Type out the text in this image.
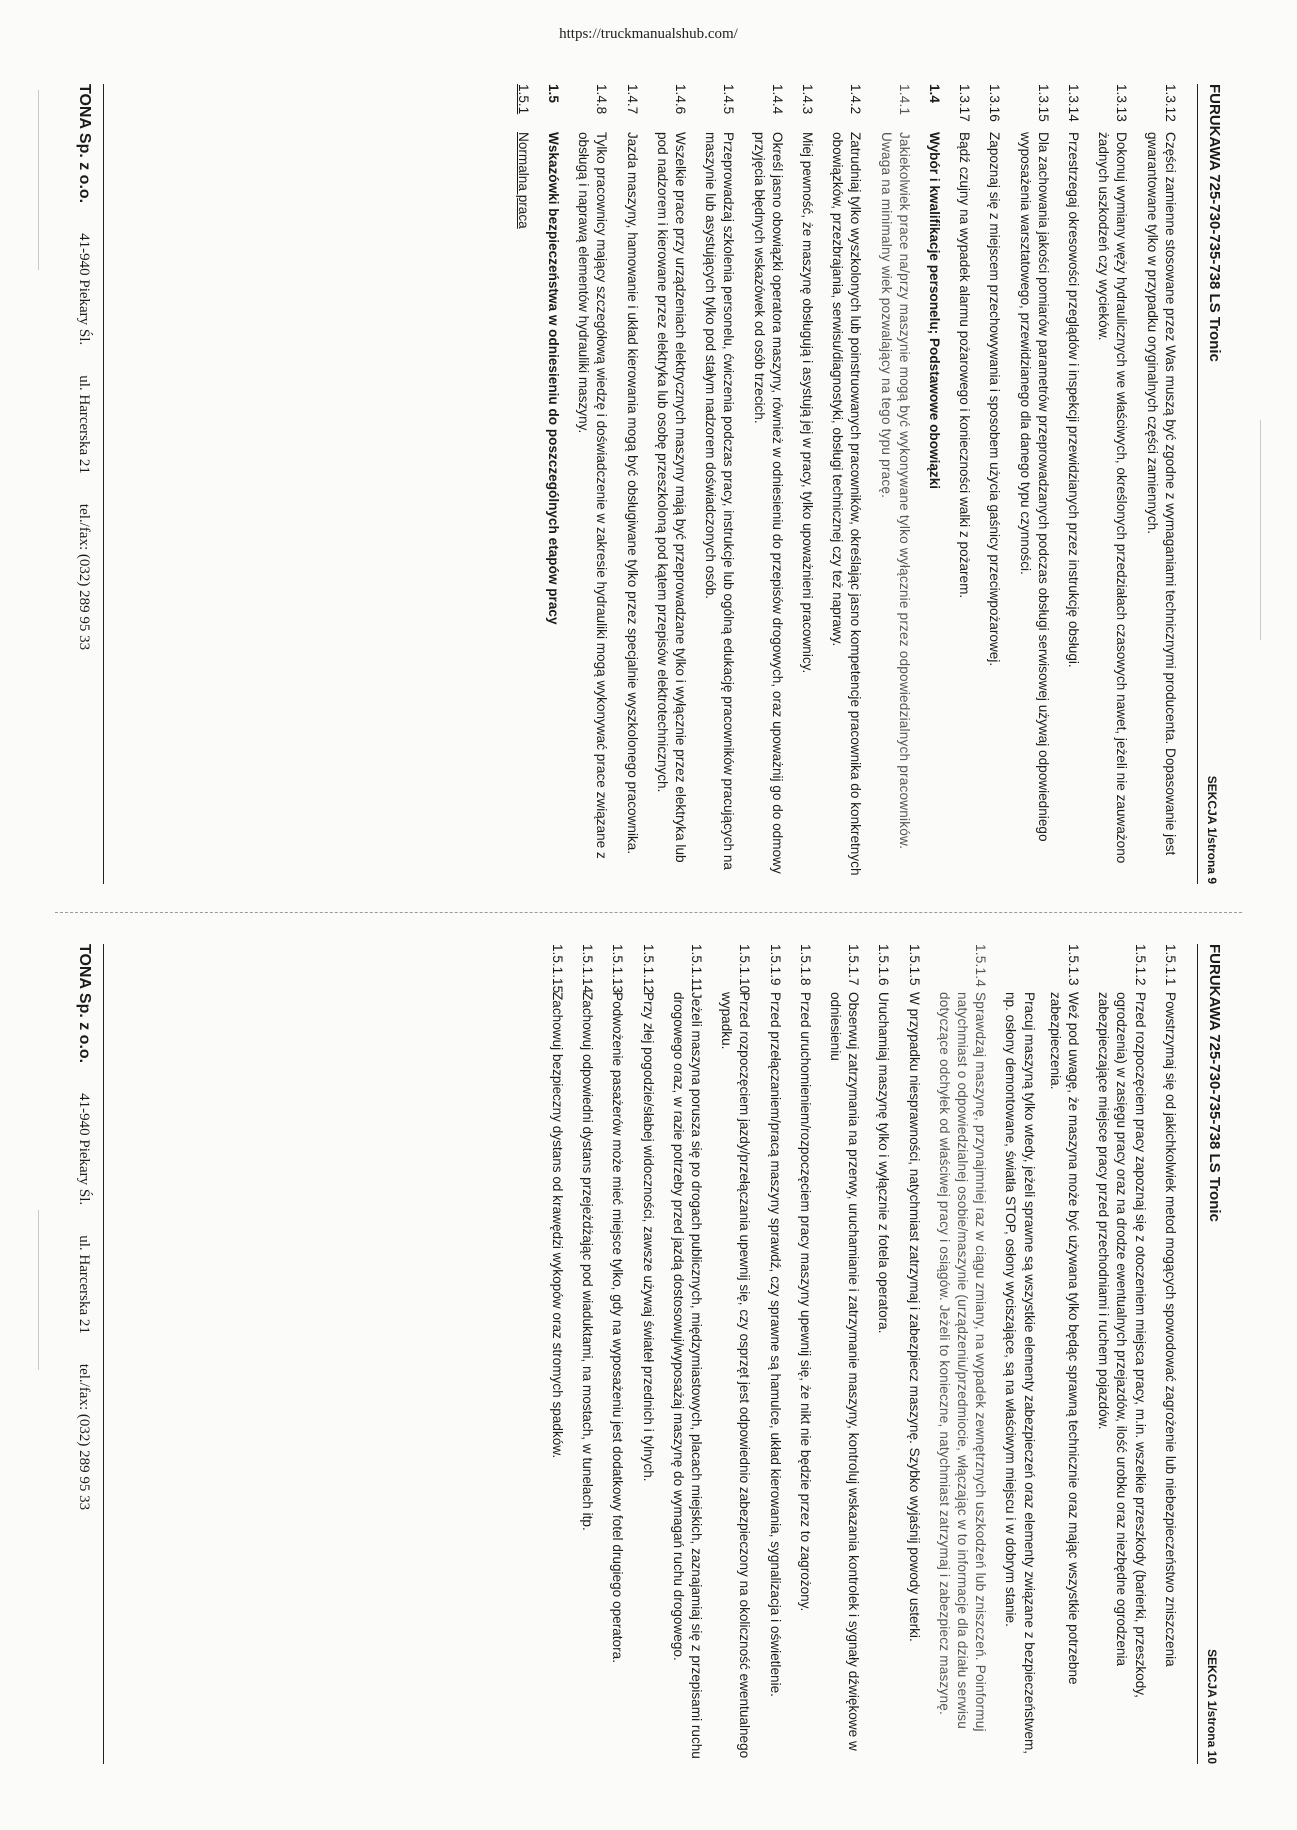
https://truckmanualshub.com/
FURUKAWA 725-730-735-738 LS Tronic
SEKCJA 1/strona 9
1.3.12
Części zamienne stosowane przez Was muszą być zgodne z wymaganiami technicznymi producenta. Dopasowanie jest gwarantowane tylko w przypadku oryginalnych części zamiennych.
1.3.13
Dokonuj wymiany węży hydraulicznych we właściwych, określonych przedziałach czasowych nawet, jeżeli nie zauważono żadnych uszkodzeń czy wycieków.
1.3.14
Przestrzegaj okresowości przeglądów i inspekcji przewidzianych przez instrukcję obsługi.
1.3.15
Dla zachowania jakości pomiarów parametrów przeprowadzanych podczas obsługi serwisowej używaj odpowiedniego wyposażenia warsztatowego, przewidzianego dla danego typu czynności.
1.3.16
Zapoznaj się z miejscem przechowywania i sposobem użycia gaśnicy przeciwpożarowej.
1.3.17
Bądź czujny na wypadek alarmu pożarowego i konieczności walki z pożarem.
1.4
Wybór i kwalifikacje personelu; Podstawowe obowiązki
1.4.1
Jakiekolwiek prace na/przy maszynie mogą być wykonywane tylko wyłącznie przez odpowiedzialnych pracowników. Uwaga na minimalny wiek pozwalający na tego typu pracę.
1.4.2
Zatrudniaj tylko wyszkolonych lub poinstruowanych pracowników, określając jasno kompetencje pracownika do konkretnych obowiązków, przezbrajania, serwisu/diagnostyki, obsługi technicznej czy też naprawy.
1.4.3
Miej pewność, że maszynę obsługują i asystują jej w pracy, tylko upoważnieni pracownicy.
1.4.4
Określ jasno obowiązki operatora maszyny, również w odniesieniu do przepisów drogowych, oraz upoważnij go do odmowy przyjęcia błędnych wskazówek od osób trzecich.
1.4.5
Przeprowadzaj szkolenia personelu, ćwiczenia podczas pracy, instrukcje lub ogólną edukację pracowników pracujących na maszynie lub asystujących tylko pod stałym nadzorem doświadczonych osób.
1.4.6
Wszelkie prace przy urządzeniach elektrycznych maszyny mają być przeprowadzane tylko i wyłącznie przez elektryka lub pod nadzorem i kierowane przez elektryka lub osobę przeszkoloną pod kątem przepisów elektrotechnicznych.
1.4.7
Jazda maszyny, hamowanie i układ kierowania mogą być obsługiwane tylko przez specjalnie wyszkolonego pracownika.
1.4.8
Tylko pracownicy mający szczegółową wiedzę i doświadczenie w zakresie hydrauliki mogą wykonywać prace związane z obsługą i naprawą elementów hydrauliki maszyny.
1.5
Wskazówki bezpieczeństwa w odniesieniu do poszczególnych etapów pracy
1.5.1
Normalna praca
TONA Sp. z o.o.
41-940 Piekary Śl.
ul. Harcerska 21
tel./fax: (032) 289 95 33
FURUKAWA 725-730-735-738 LS Tronic
SEKCJA 1/strona 10
1.5.1.1
Powstrzymaj się od jakichkolwiek metod mogących spowodować zagrożenie lub niebezpieczeństwo zniszczenia
1.5.1.2
Przed rozpoczęciem pracy zapoznaj się z otoczeniem miejsca pracy, m.in. wszelkie przeszkody (barierki, przeszkody, ogrodzenia) w zasięgu pracy oraz na drodze ewentualnych przejazdów, ilość urobku oraz niezbędne ogrodzenia zabezpieczające miejsce pracy przed przechodniami i ruchem pojazdów.
1.5.1.3
Weź pod uwagę, że maszyna może być używana tylko będąc sprawną technicznie oraz mając wszystkie potrzebne zabezpieczenia.
Pracuj maszyną tylko wtedy, jeżeli sprawne są wszystkie elementy zabezpieczeń oraz elementy związane z bezpieczeństwem, np. osłony demontowane, światła STOP, osłony wyciszające, są na właściwym miejscu i w dobrym stanie.
1.5.1.4
Sprawdzaj maszynę, przynajmniej raz w ciągu zmiany, na wypadek zewnętrznych uszkodzeń lub zniszczeń. Poinformuj natychmiast o odpowiedzialnej osobie/maszynie (urządzeniu/przedmiocie, włączając w to informacje dla działu serwisu dotyczące odchyłek od właściwej pracy i osiągów. Jeżeli to konieczne, natychmiast zatrzymaj i zabezpiecz maszynę.
1.5.1.5
W przypadku niesprawności, natychmiast zatrzymaj i zabezpiecz maszynę. Szybko wyjaśnij powody usterki.
1.5.1.6
Uruchamiaj maszynę tylko i wyłącznie z fotela operatora.
1.5.1.7
Obserwuj zatrzymania na przerwy, uruchamianie i zatrzymanie maszyny, kontroluj wskazania kontrolek i sygnały dźwiękowe w odniesieniu
1.5.1.8
Przed uruchomieniem/rozpoczęciem pracy maszyny upewnij się, że nikt nie będzie przez to zagrożony.
1.5.1.9
Przed przełączaniem/pracą maszyny sprawdź, czy sprawne są hamulce, układ kierowania, sygnalizacja i oświetlenie.
1.5.1.10
Przed rozpoczęciem jazdy/przełączania upewnij się, czy osprzęt jest odpowiednio zabezpieczony na okoliczność ewentualnego wypadku.
1.5.1.11
Jeżeli maszyna porusza się po drogach publicznych, międzymiastowych, placach miejskich, zaznajamiaj się z przepisami ruchu drogowego oraz, w razie potrzeby przed jazdą dostosowuj/wyposażaj maszynę do wymagań ruchu drogowego.
1.5.1.12
Przy złej pogodzie/słabej widoczności, zawsze używaj świateł przednich i tylnych.
1.5.1.13
Podwożenie pasażerów może mieć miejsce tylko, gdy na wyposażeniu jest dodatkowy fotel drugiego operatora.
1.5.1.14
Zachowuj odpowiedni dystans przejeżdżając pod wiaduktami, na mostach, w tunelach itp.
1.5.1.15
Zachowuj bezpieczny dystans od krawędzi wykopów oraz stromych spadków.
TONA Sp. z o.o.
41-940 Piekary Śl.
ul. Harcerska 21
tel./fax: (032) 289 95 33
